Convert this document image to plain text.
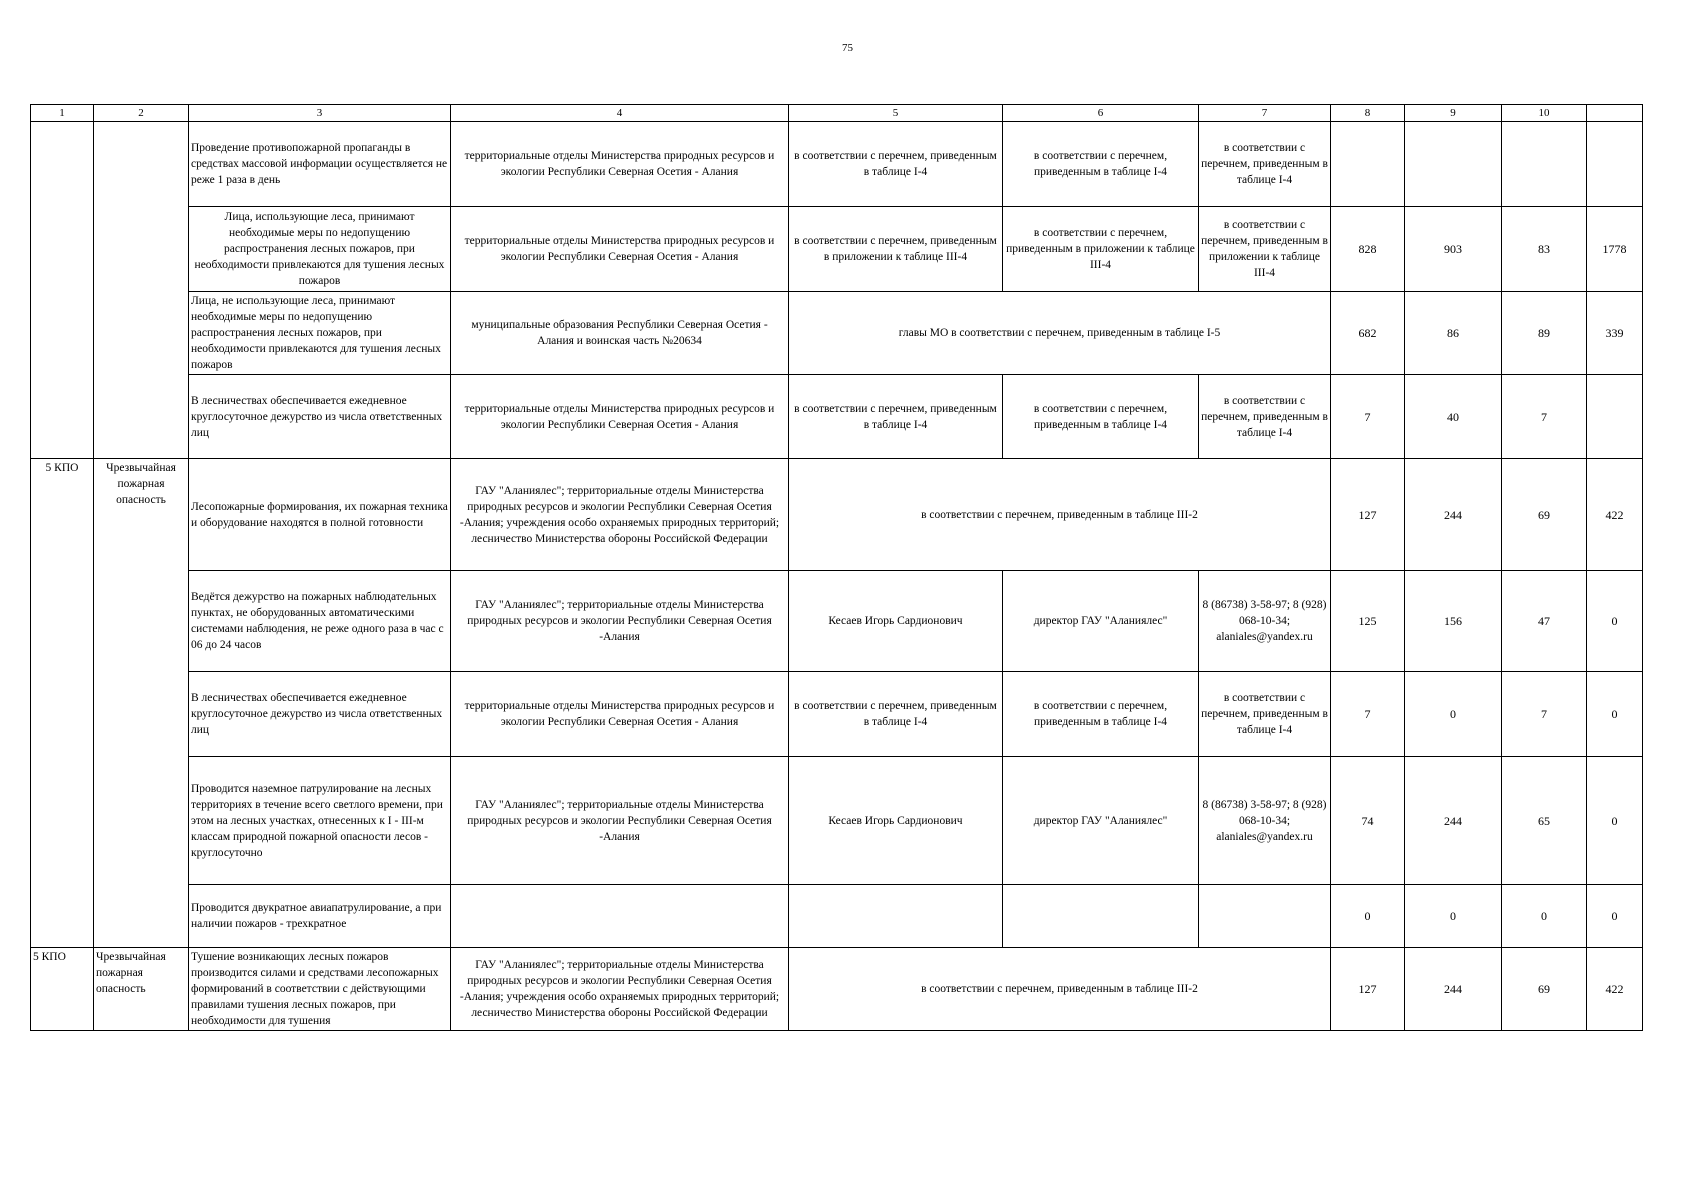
75
1	2	3	4	5	6	7	8	9	10	
		Проведение противопожарной пропаганды в средствах массовой информации осуществляется не реже 1 раза в день	территориальные отделы Министерства природных ресурсов и экологии Республики Северная Осетия - Алания	в соответствии с перечнем, приведенным в таблице I-4	в соответствии с перечнем, приведенным в таблице I-4	в соответствии с перечнем, приведенным в таблице I-4				
		Лица, использующие леса, принимают необходимые меры по недопущению распространения лесных пожаров, при необходимости привлекаются для тушения лесных пожаров	территориальные отделы Министерства природных ресурсов и экологии Республики Северная Осетия - Алания	в соответствии с перечнем, приведенным в приложении к таблице III-4	в соответствии с перечнем, приведенным в приложении к таблице III-4	в соответствии с перечнем, приведенным в приложении к таблице III-4	828	903	83	1778
		Лица, не использующие леса, принимают необходимые меры по недопущению распространения лесных пожаров, при необходимости привлекаются для тушения лесных пожаров	муниципальные образования Республики Северная Осетия - Алания и воинская часть №20634	главы МО в соответствии с перечнем, приведенным в таблице I-5			682	86	89	339
		В лесничествах обеспечивается ежедневное круглосуточное дежурство из числа ответственных лиц	территориальные отделы Министерства природных ресурсов и экологии Республики Северная Осетия - Алания	в соответствии с перечнем, приведенным в таблице I-4	в соответствии с перечнем, приведенным в таблице I-4	в соответствии с перечнем, приведенным в таблице I-4	7	40	7	
5 КПО	Чрезвычайная пожарная опасность	Лесопожарные формирования, их пожарная техника и оборудование находятся в полной готовности	ГАУ "Аланиялес"; территориальные отделы Министерства природных ресурсов и экологии Республики Северная Осетия -Алания; учреждения особо охраняемых природных территорий; лесничество Министерства обороны Российской Федерации	в соответствии с перечнем, приведенным в таблице III-2			127	244	69	422
		Ведётся дежурство на пожарных наблюдательных пунктах, не оборудованных автоматическими системами наблюдения, не реже одного раза в час с 06 до 24 часов	ГАУ "Аланиялес"; территориальные отделы Министерства природных ресурсов и экологии Республики Северная Осетия -Алания	Кесаев Игорь Сардионович	директор ГАУ "Аланиялес"	8 (86738) 3-58-97; 8 (928) 068-10-34; alaniales@yandex.ru	125	156	47	0
		В лесничествах обеспечивается ежедневное круглосуточное дежурство из числа ответственных лиц	территориальные отделы Министерства природных ресурсов и экологии Республики Северная Осетия - Алания	в соответствии с перечнем, приведенным в таблице I-4	в соответствии с перечнем, приведенным в таблице I-4	в соответствии с перечнем, приведенным в таблице I-4	7	0	7	0
		Проводится наземное патрулирование на лесных территориях в течение всего светлого времени, при этом на лесных участках, отнесенных к I - III-м классам природной пожарной опасности лесов - круглосуточно	ГАУ "Аланиялес"; территориальные отделы Министерства природных ресурсов и экологии Республики Северная Осетия -Алания	Кесаев Игорь Сардионович	директор ГАУ "Аланиялес"	8 (86738) 3-58-97; 8 (928) 068-10-34; alaniales@yandex.ru	74	244	65	0
		Проводится двукратное авиапатрулирование, а при наличии пожаров - трехкратное					0	0	0	0
5 КПО	Чрезвычайная пожарная опасность	Тушение возникающих лесных пожаров производится силами и средствами лесопожарных формирований в соответствии с действующими правилами тушения лесных пожаров, при необходимости для тушения	ГАУ "Аланиялес"; территориальные отделы Министерства природных ресурсов и экологии Республики Северная Осетия -Алания; учреждения особо охраняемых природных территорий; лесничество Министерства обороны Российской Федерации	в соответствии с перечнем, приведенным в таблице III-2			127	244	69	422
